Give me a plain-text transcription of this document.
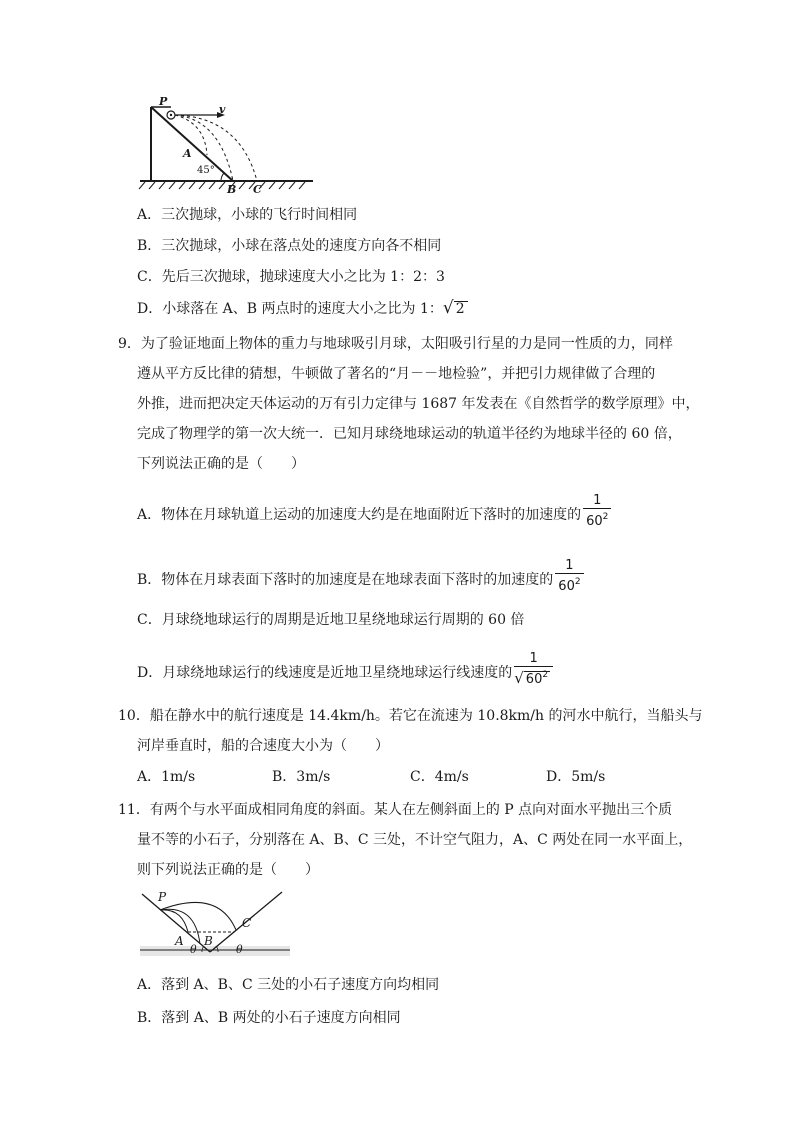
P
v
A
45°
B C
A．三次抛球，小球的飞行时间相同
B．三次抛球，小球在落点处的速度方向各不相同
C．先后三次抛球，抛球速度大小之比为 1：2：3
D．小球落在 A、B 两点时的速度大小之比为 1：√ 2
9．为了验证地面上物体的重力与地球吸引月球，太阳吸引行星的力是同一性质的力，同样
遵从平方反比律的猜想，牛顿做了著名的“月－－地检验”，并把引力规律做了合理的
外推，进而把决定天体运动的万有引力定律与 1687 年发表在《自然哲学的数学原理》中，
完成了物理学的第一次大统一．已知月球绕地球运动的轨道半径约为地球半径的 60 倍，
下列说法正确的是（　　）
A．物体在月球轨道上运动的加速度大约是在地面附近下落时的加速度的 $\frac{1}{60^2}$
B．物体在月球表面下落时的加速度是在地球表面下落时的加速度的 $\frac{1}{60^2}$
C．月球绕地球运行的周期是近地卫星绕地球运行周期的 60 倍
D．月球绕地球运行的线速度是近地卫星绕地球运行线速度的 $\frac{1}{√ 60^2}$
10．船在静水中的航行速度是 14.4km/h。若它在流速为 10.8km/h 的河水中航行，当船头与
河岸垂直时，船的合速度大小为（　　）
A．1m/s	B．3m/s	C．4m/s	D．5m/s
11．有两个与水平面成相同角度的斜面。某人在左侧斜面上的 P 点向对面水平抛出三个质
量不等的小石子，分别落在 A、B、C 三处，不计空气阻力，A、C 两处在同一水平面上，
则下列说法正确的是（　　）
P
A B
C
θ	θ
A．落到 A、B、C 三处的小石子速度方向均相同
B．落到 A、B 两处的小石子速度方向相同
